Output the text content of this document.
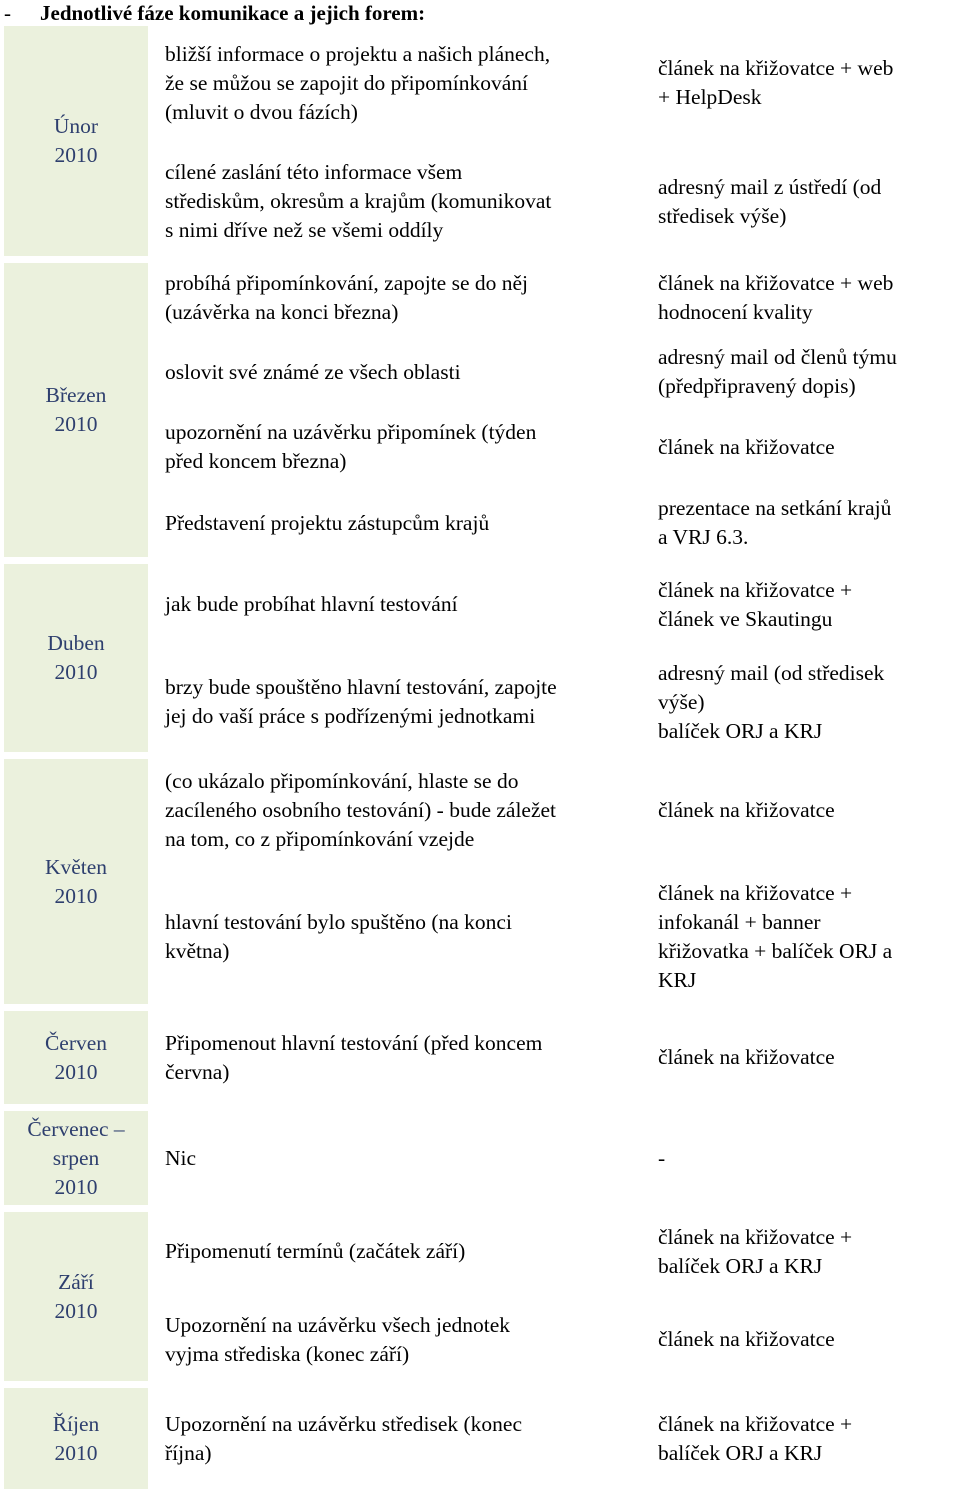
- Jednotlivé fáze komunikace a jejich forem:
Únor
2010
bližší informace o projektu a našich plánech,
že se můžou se zapojit do připomínkování
(mluvit o dvou fázích)
článek na křižovatce + web
+ HelpDesk
cílené zaslání této informace všem
střediskům, okresům a krajům (komunikovat
s nimi dříve než se všemi oddíly
adresný mail z ústředí (od
středisek výše)
Březen
2010
probíhá připomínkování, zapojte se do něj
(uzávěrka na konci března)
článek na křižovatce + web
hodnocení kvality
oslovit své známé ze všech oblasti
adresný mail od členů týmu
(předpřipravený dopis)
upozornění na uzávěrku připomínek (týden
před koncem března)
článek na křižovatce
Představení projektu zástupcům krajů
prezentace na setkání krajů
a VRJ 6.3.
Duben
2010
jak bude probíhat hlavní testování
článek na křižovatce +
článek ve Skautingu
brzy bude spouštěno hlavní testování, zapojte
jej do vaší práce s podřízenými jednotkami
adresný mail (od středisek
výše)
balíček ORJ a KRJ
Květen
2010
(co ukázalo připomínkování, hlaste se do
zacíleného osobního testování) - bude záležet
na tom, co z připomínkování vzejde
článek na křižovatce
hlavní testování bylo spuštěno (na konci
května)
článek na křižovatce +
infokanál + banner
křižovatka + balíček ORJ a
KRJ
Červen
2010
Připomenout hlavní testování (před koncem
června)
článek na křižovatce
Červenec –
srpen
2010
Nic	-
Září
2010
Připomenutí termínů (začátek září)
článek na křižovatce +
balíček ORJ a KRJ
Upozornění na uzávěrku všech jednotek
vyjma střediska (konec září)
článek na křižovatce
Říjen
2010
Upozornění na uzávěrku středisek (konec
října)
článek na křižovatce +
balíček ORJ a KRJ
